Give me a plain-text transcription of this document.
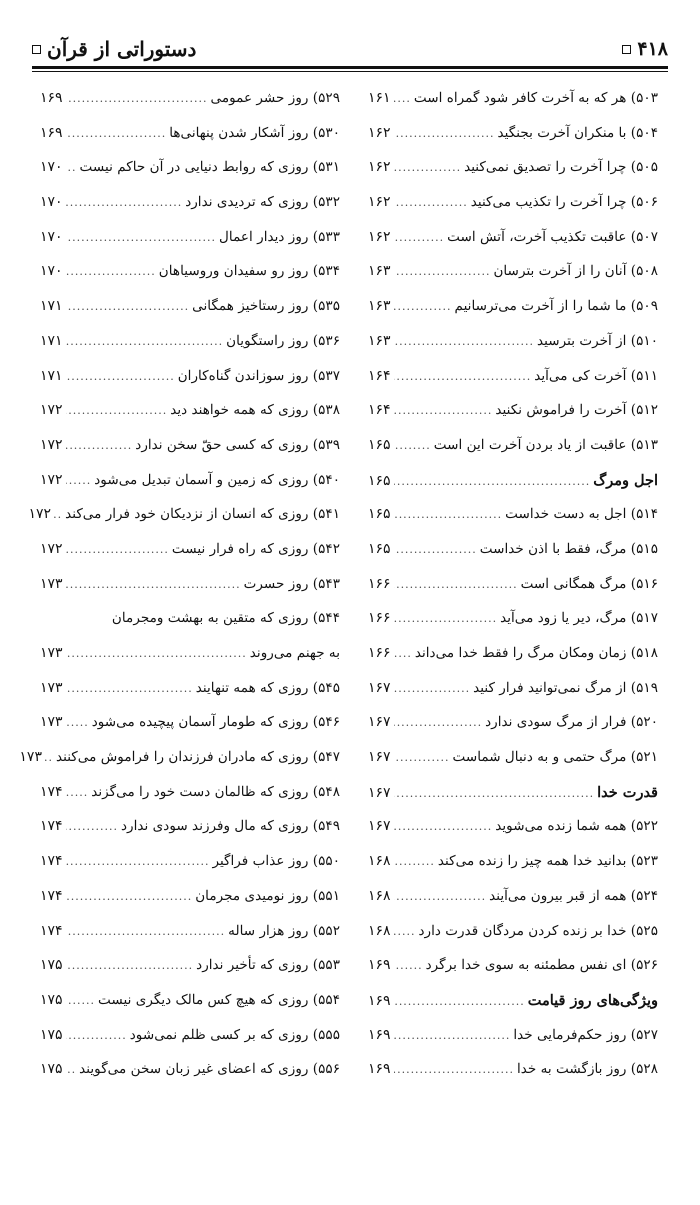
دستوراتی از قرآن	۴۱۸
۵۰۳) هر که به آخرت کافر شود گمراه است
.....
۱۶۱
۵۰۴) با منکران آخرت بجنگید
.....
۱۶۲
۵۰۵) چرا آخرت را تصدیق نمی‌کنید
.....
۱۶۲
۵۰۶) چرا آخرت را تکذیب می‌کنید
.....
۱۶۲
۵۰۷) عاقبت تکذیب آخرت، آتش است
.....
۱۶۲
۵۰۸) آنان را از آخرت بترسان
.....
۱۶۳
۵۰۹) ما شما را از آخرت می‌ترسانیم
.....
۱۶۳
۵۱۰) از آخرت بترسید
.....
۱۶۳
۵۱۱) آخرت کی می‌آید
.....
۱۶۴
۵۱۲) آخرت را فراموش نکنید
.....
۱۶۴
۵۱۳) عاقبت از یاد بردن آخرت این است
.....
۱۶۵
اجل ومرگ
.....
۱۶۵
۵۱۴) اجل به دست خداست
.....
۱۶۵
۵۱۵) مرگ، فقط با اذن خداست
.....
۱۶۵
۵۱۶) مرگ همگانی است
.....
۱۶۶
۵۱۷) مرگ، دیر یا زود می‌آید
.....
۱۶۶
۵۱۸) زمان ومکان مرگ را فقط خدا می‌داند
.....
۱۶۶
۵۱۹) از مرگ نمی‌توانید فرار کنید
.....
۱۶۷
۵۲۰) فرار از مرگ سودی ندارد
.....
۱۶۷
۵۲۱) مرگ حتمی و به دنبال شماست
.....
۱۶۷
قدرت خدا
.....
۱۶۷
۵۲۲) همه شما زنده می‌شوید
.....
۱۶۷
۵۲۳) بدانید خدا همه چیز را زنده می‌کند
.....
۱۶۸
۵۲۴) همه از قبر بیرون می‌آیند
.....
۱۶۸
۵۲۵) خدا بر زنده کردن مردگان قدرت دارد
.....
۱۶۸
۵۲۶) ای نفس مطمئنه به سوی خدا برگرد
.....
۱۶۹
ویژگی‌های روز قیامت
.....
۱۶۹
۵۲۷) روز حکم‌فرمایی خدا
.....
۱۶۹
۵۲۸) روز بازگشت به خدا
.....
۱۶۹
۵۲۹) روز حشر عمومی
.....
۱۶۹
۵۳۰) روز آشکار شدن پنهانی‌ها
.....
۱۶۹
۵۳۱) روزی که روابط دنیایی در آن حاکم نیست
.....
۱۷۰
۵۳۲) روزی که تردیدی ندارد
.....
۱۷۰
۵۳۳) روز دیدار اعمال
.....
۱۷۰
۵۳۴) روز رو سفیدان وروسیاهان
.....
۱۷۰
۵۳۵) روز رستاخیز همگانی
.....
۱۷۱
۵۳۶) روز راستگویان
.....
۱۷۱
۵۳۷) روز سوزاندن گناه‌کاران
.....
۱۷۱
۵۳۸) روزی که همه خواهند دید
.....
۱۷۲
۵۳۹) روزی که کسی حقّ سخن ندارد
.....
۱۷۲
۵۴۰) روزی که زمین و آسمان تبدیل می‌شود
.....
۱۷۲
۵۴۱) روزی که انسان از نزدیکان خود فرار می‌کند
.....
۱۷۲
۵۴۲) روزی که راه فرار نیست
.....
۱۷۲
۵۴۳) روز حسرت
.....
۱۷۳
۵۴۴) روزی که متقین به بهشت ومجرمان
به جهنم می‌روند
.....
۱۷۳
۵۴۵) روزی که همه تنهایند
.....
۱۷۳
۵۴۶) روزی که طومار آسمان پیچیده می‌شود
.....
۱۷۳
۵۴۷) روزی که مادران فرزندان را فراموش می‌کنند
.....
۱۷۳
۵۴۸) روزی که ظالمان دست خود را می‌گزند
.....
۱۷۴
۵۴۹) روزی که مال وفرزند سودی ندارد
.....
۱۷۴
۵۵۰) روز عذاب فراگیر
.....
۱۷۴
۵۵۱) روز نومیدی مجرمان
.....
۱۷۴
۵۵۲) روز هزار ساله
.....
۱۷۴
۵۵۳) روزی که تأخیر ندارد
.....
۱۷۵
۵۵۴) روزی که هیچ کس مالک دیگری نیست
.....
۱۷۵
۵۵۵) روزی که بر کسی ظلم نمی‌شود
.....
۱۷۵
۵۵۶) روزی که اعضای غیر زبان سخن می‌گویند
.....
۱۷۵
